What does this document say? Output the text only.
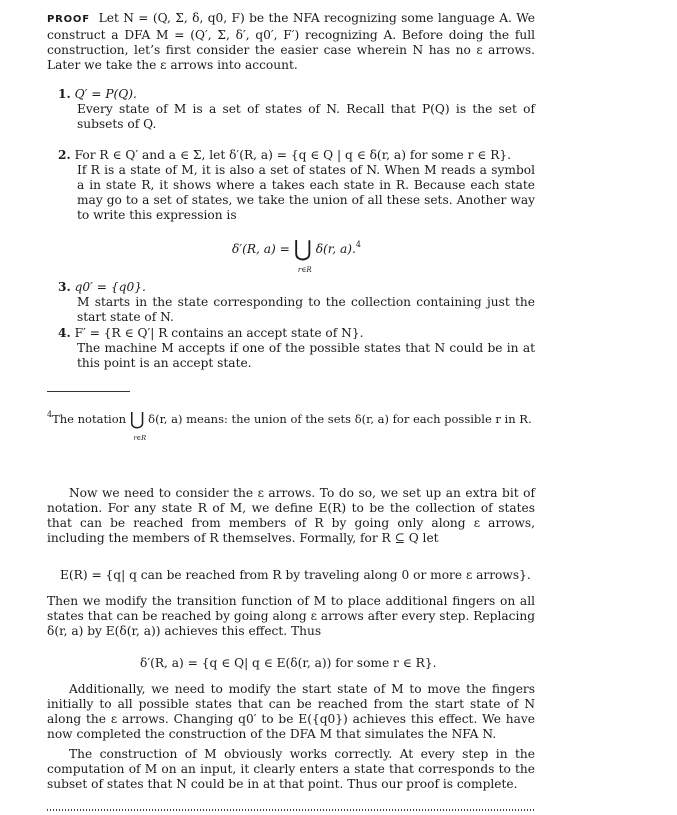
PROOF Let N = (Q, Σ, δ, q0, F) be the NFA recognizing some language A. We construct a DFA M = (Q′, Σ, δ′, q0′, F′) recognizing A. Before doing the full construction, let’s first consider the easier case wherein N has no ε arrows. Later we take the ε arrows into account.
1. Q′ = P(Q).
Every state of M is a set of states of N. Recall that P(Q) is the set of subsets of Q.
2. For R ∈ Q′ and a ∈ Σ, let δ′(R, a) = {q ∈ Q | q ∈ δ(r, a) for some r ∈ R}.
If R is a state of M, it is also a set of states of N. When M reads a symbol a in state R, it shows where a takes each state in R. Because each state may go to a set of states, we take the union of all these sets. Another way to write this expression is
δ′(R, a) = ⋃
r∈R
δ(r, a).$^4$
3. q0′ = {q0}.
M starts in the state corresponding to the collection containing just the start state of N.
4. F′ = {R ∈ Q′| R contains an accept state of N}.
The machine M accepts if one of the possible states that N could be in at this point is an accept state.
$^4$The notation ⋃
r∈R
δ(r, a) means: the union of the sets δ(r, a) for each possible r in R.
Now we need to consider the ε arrows. To do so, we set up an extra bit of notation. For any state R of M, we define E(R) to be the collection of states that can be reached from members of R by going only along ε arrows, including the members of R themselves. Formally, for R ⊆ Q let
E(R) = {q| q can be reached from R by traveling along 0 or more ε arrows}.
Then we modify the transition function of M to place additional fingers on all states that can be reached by going along ε arrows after every step. Replacing δ(r, a) by E(δ(r, a)) achieves this effect. Thus
δ′(R, a) = {q ∈ Q| q ∈ E(δ(r, a)) for some r ∈ R}.
Additionally, we need to modify the start state of M to move the fingers initially to all possible states that can be reached from the start state of N along the ε arrows. Changing q0′ to be E({q0}) achieves this effect. We have now completed the construction of the DFA M that simulates the NFA N.
The construction of M obviously works correctly. At every step in the computation of M on an input, it clearly enters a state that corresponds to the subset of states that N could be in at that point. Thus our proof is complete.
